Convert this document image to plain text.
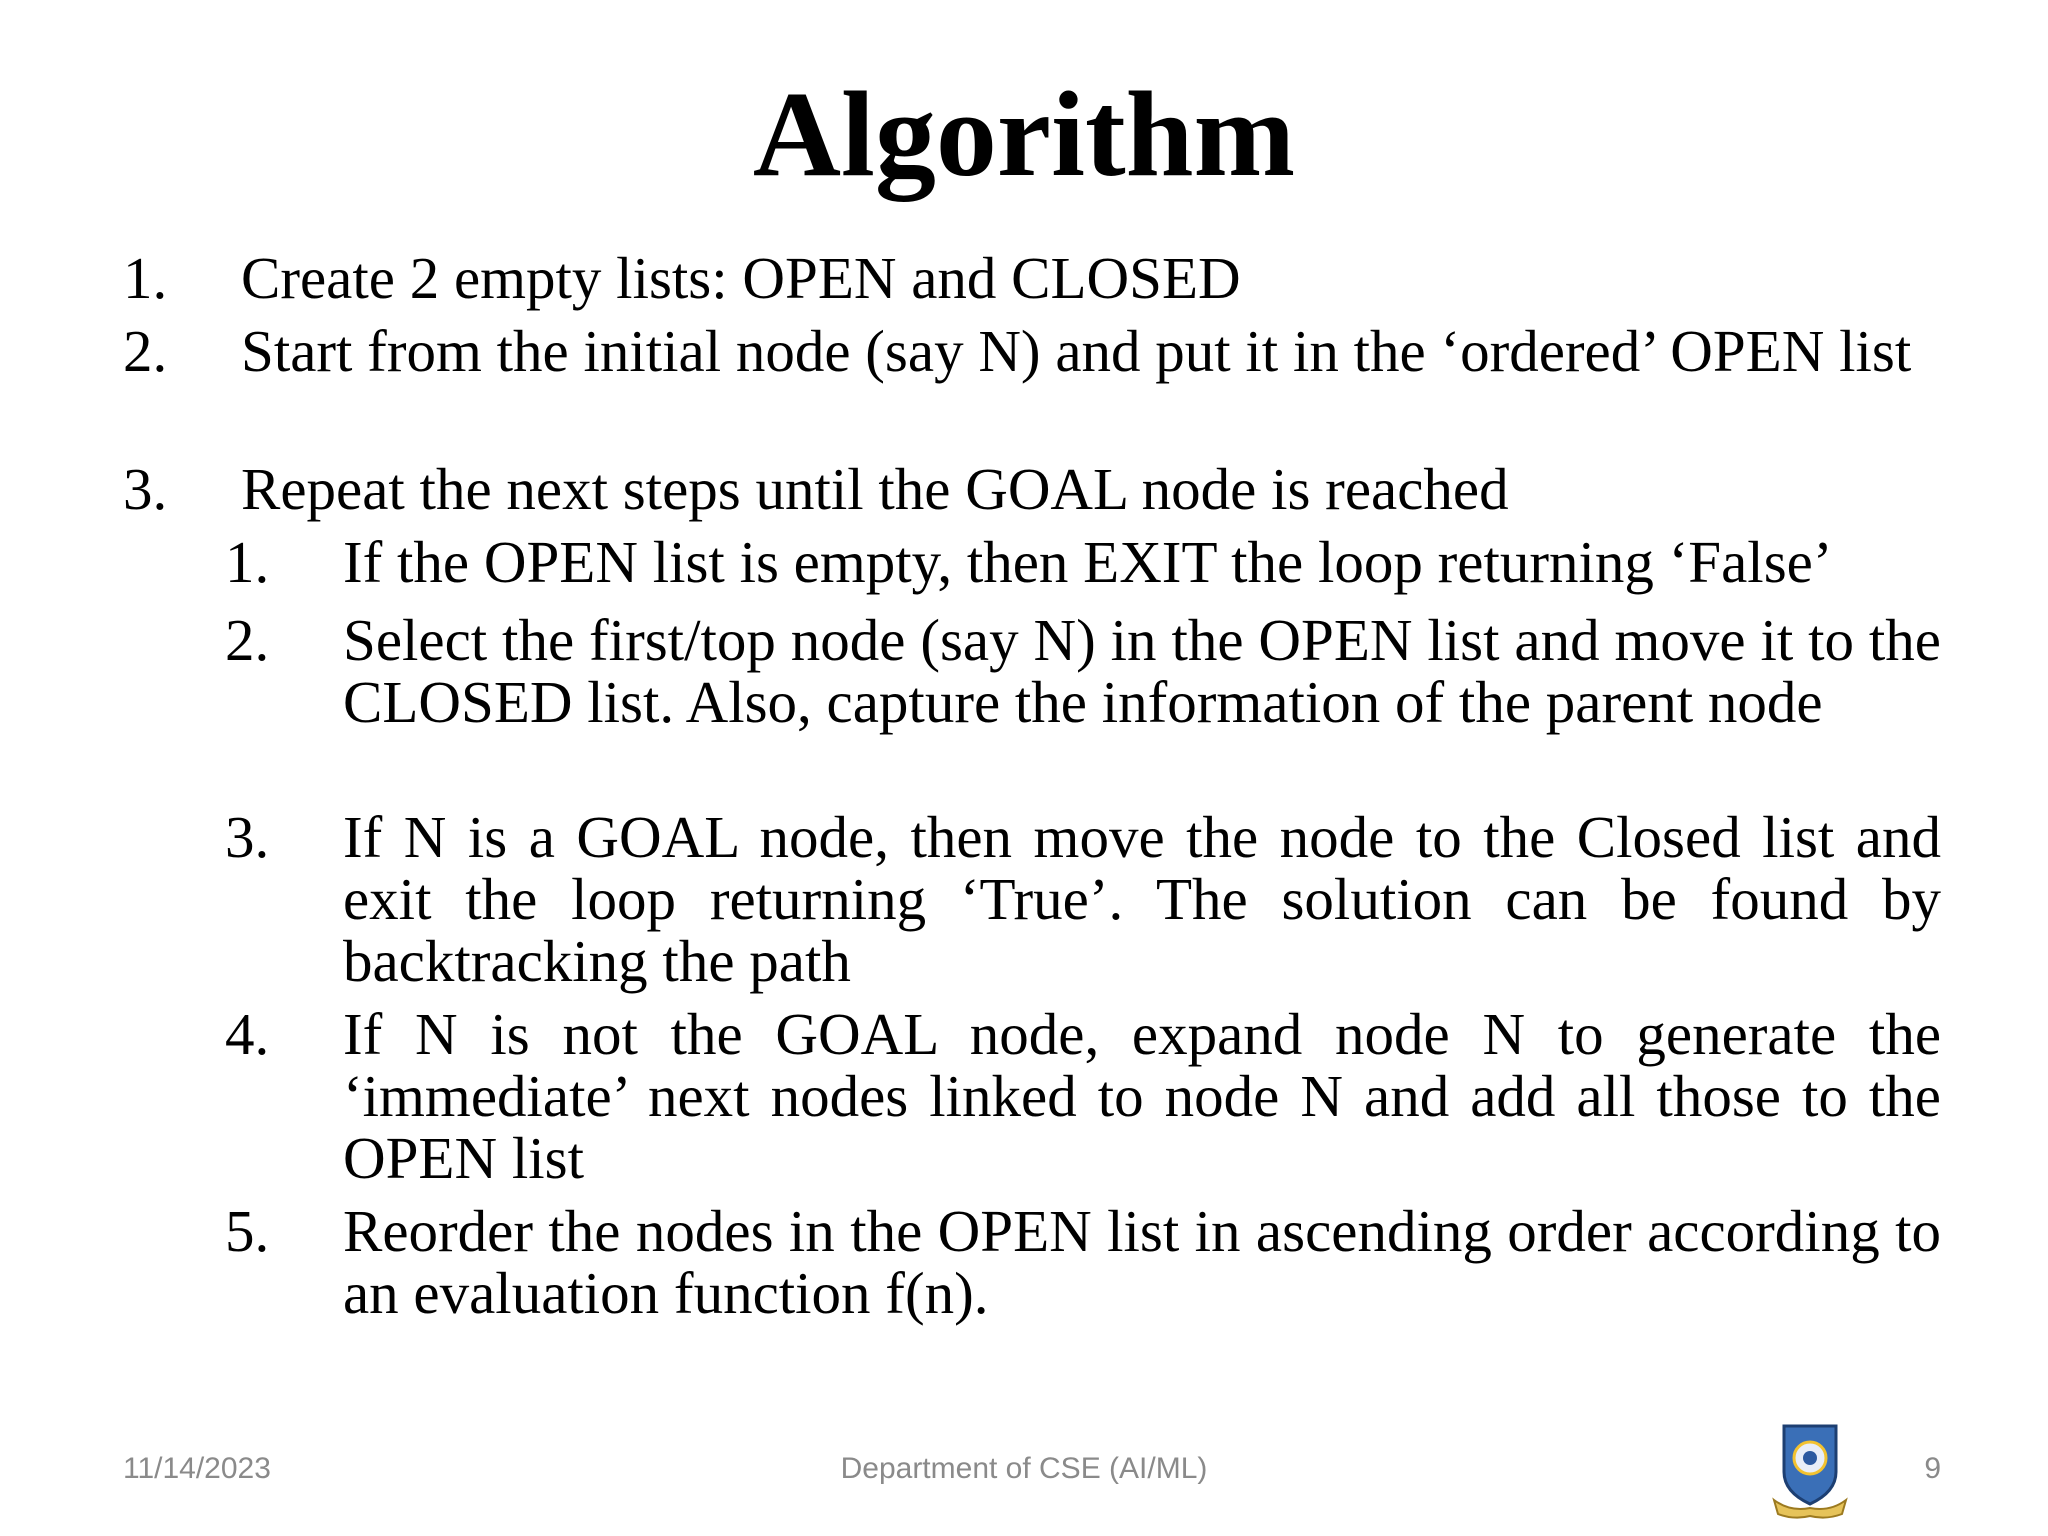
Algorithm
1. Create 2 empty lists: OPEN and CLOSED
2. Start from the initial node (say N) and put it in the ‘ordered’ OPEN list
3. Repeat the next steps until the GOAL node is reached
1. If the OPEN list is empty, then EXIT the loop returning ‘False’
2. Select the first/top node (say N) in the OPEN list and move it to the CLOSED list. Also, capture the information of the parent node
3. If N is a GOAL node, then move the node to the Closed list and exit the loop returning ‘True’. The solution can be found by backtracking the path
4. If N is not the GOAL node, expand node N to generate the ‘immediate’ next nodes linked to node N and add all those to the OPEN list
5. Reorder the nodes in the OPEN list in ascending order according to an evaluation function f(n).
11/14/2023	Department of CSE (AI/ML)	9
